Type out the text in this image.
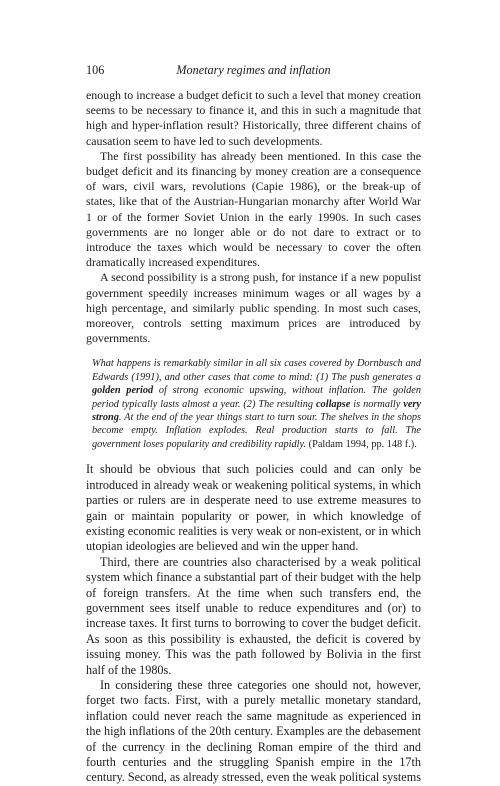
106	Monetary regimes and inflation

enough to increase a budget deficit to such a level that money creation seems to be necessary to finance it, and this in such a magnitude that high and hyper-inflation result? Historically, three different chains of causation seem to have led to such developments.

The first possibility has already been mentioned. In this case the budget deficit and its financing by money creation are a consequence of wars, civil wars, revolutions (Capie 1986), or the break-up of states, like that of the Austrian-Hungarian monarchy after World War 1 or of the former Soviet Union in the early 1990s. In such cases governments are no longer able or do not dare to extract or to introduce the taxes which would be necessary to cover the often dramatically increased expenditures.

A second possibility is a strong push, for instance if a new populist government speedily increases minimum wages or all wages by a high percentage, and similarly public spending. In most such cases, moreover, controls setting maximum prices are introduced by governments.

What happens is remarkably similar in all six cases covered by Dornbusch and Edwards (1991), and other cases that come to mind: (1) The push generates a golden period of strong economic upswing, without inflation. The golden period typically lasts almost a year. (2) The resulting collapse is normally very strong. At the end of the year things start to turn sour. The shelves in the shops become empty. Inflation explodes. Real production starts to fall. The government loses popularity and credibility rapidly. (Paldam 1994, pp. 148 f.).

It should be obvious that such policies could and can only be introduced in already weak or weakening political systems, in which parties or rulers are in desperate need to use extreme measures to gain or maintain popularity or power, in which knowledge of existing economic realities is very weak or non-existent, or in which utopian ideologies are believed and win the upper hand.

Third, there are countries also characterised by a weak political system which finance a substantial part of their budget with the help of foreign transfers. At the time when such transfers end, the government sees itself unable to reduce expenditures and (or) to increase taxes. It first turns to borrowing to cover the budget deficit. As soon as this possibility is exhausted, the deficit is covered by issuing money. This was the path followed by Bolivia in the first half of the 1980s.

In considering these three categories one should not, however, forget two facts. First, with a purely metallic monetary standard, inflation could never reach the same magnitude as experienced in the high inflations of the 20th century. Examples are the debasement of the currency in the declining Roman empire of the third and fourth centuries and the struggling Spanish empire in the 17th century. Second, as already stressed, even the weak political systems
